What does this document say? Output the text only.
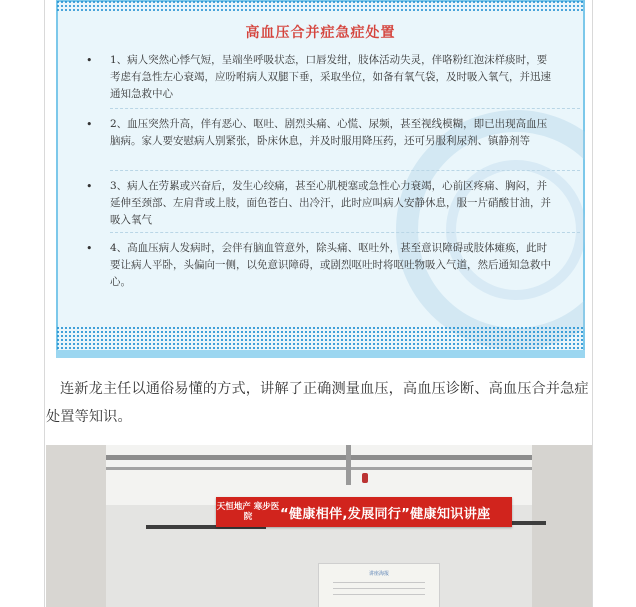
高血压合并症急症处置
• 1、病人突然心悸气短，呈端坐呼吸状态，口唇发绀，肢体活动失灵，伴咯粉红泡沫样痰时，要考虑有急性左心衰竭，应吩咐病人双腿下垂，采取坐位，如备有氧气袋，及时吸入氧气，并迅速通知急救中心
• 2、血压突然升高，伴有恶心、呕吐、剧烈头痛、心慌、尿频，甚至视线模糊，即已出现高血压脑病。家人要安慰病人别紧张，卧床休息，并及时服用降压药，还可另服利尿剂、镇静剂等
• 3、病人在劳累或兴奋后，发生心绞痛，甚至心肌梗塞或急性心力衰竭，心前区疼痛、胸闷，并延伸至颈部、左肩背或上肢，面色苍白、出冷汗，此时应叫病人安静休息，服一片硝酸甘油，并吸入氧气
• 4、高血压病人发病时，会伴有脑血管意外，除头痛、呕吐外，甚至意识障碍或肢体瘫痪，此时要让病人平卧，头偏向一侧，以免意识障碍，或剧烈呕吐时将呕吐物吸入气道，然后通知急救中心。

连新龙主任以通俗易懂的方式，讲解了正确测量血压，高血压诊断、高血压合并急症处置等知识。

天恒地产 寒步医院	“健康相伴,发展同行”健康知识讲座
讲座海报
